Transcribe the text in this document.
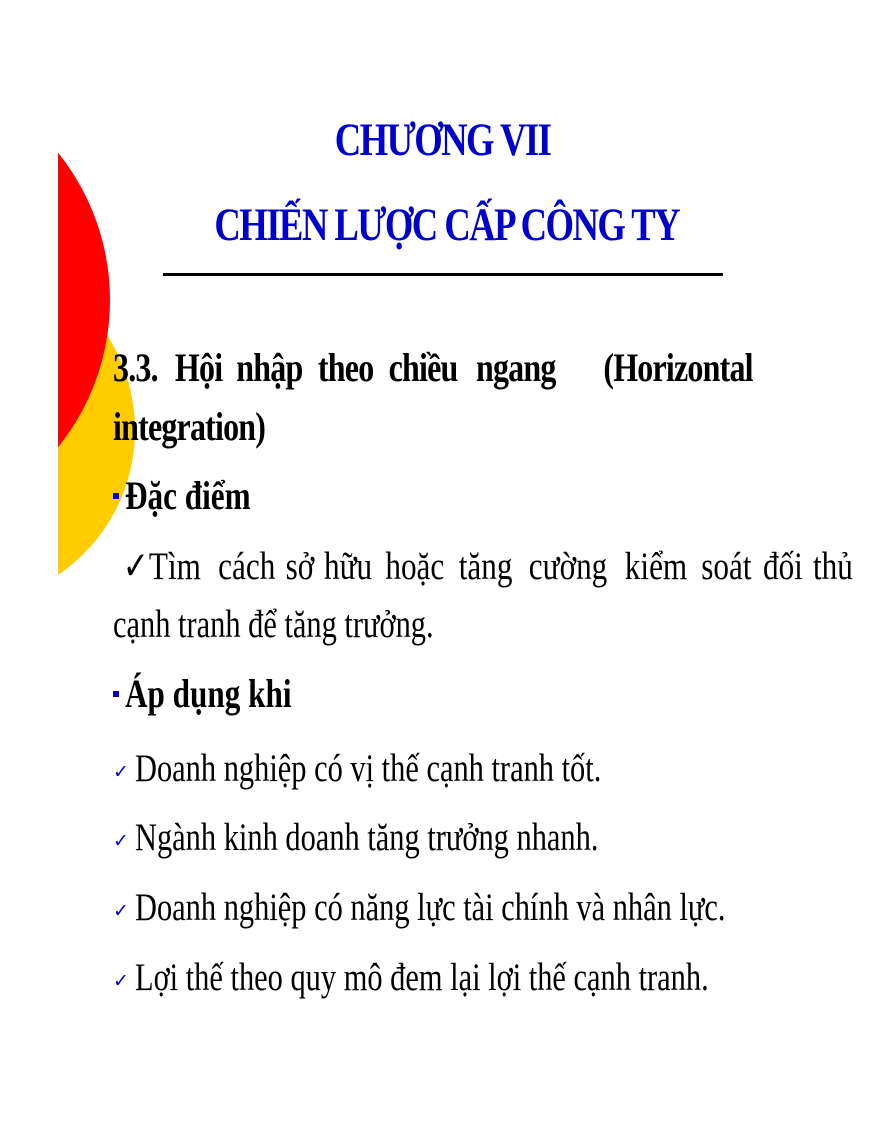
CHƯƠNG VII
CHIẾN LƯỢC CẤP CÔNG TY
3.3. Hội nhập theo chiều ngang (Horizontal
integration)
Đặc điểm
✓Tìm cách sở hữu hoặc tăng cường kiểm soát đối thủ
cạnh tranh để tăng trưởng.
Áp dụng khi
✓ Doanh nghiệp có vị thế cạnh tranh tốt.
✓ Ngành kinh doanh tăng trưởng nhanh.
✓ Doanh nghiệp có năng lực tài chính và nhân lực.
✓ Lợi thế theo quy mô đem lại lợi thế cạnh tranh.
